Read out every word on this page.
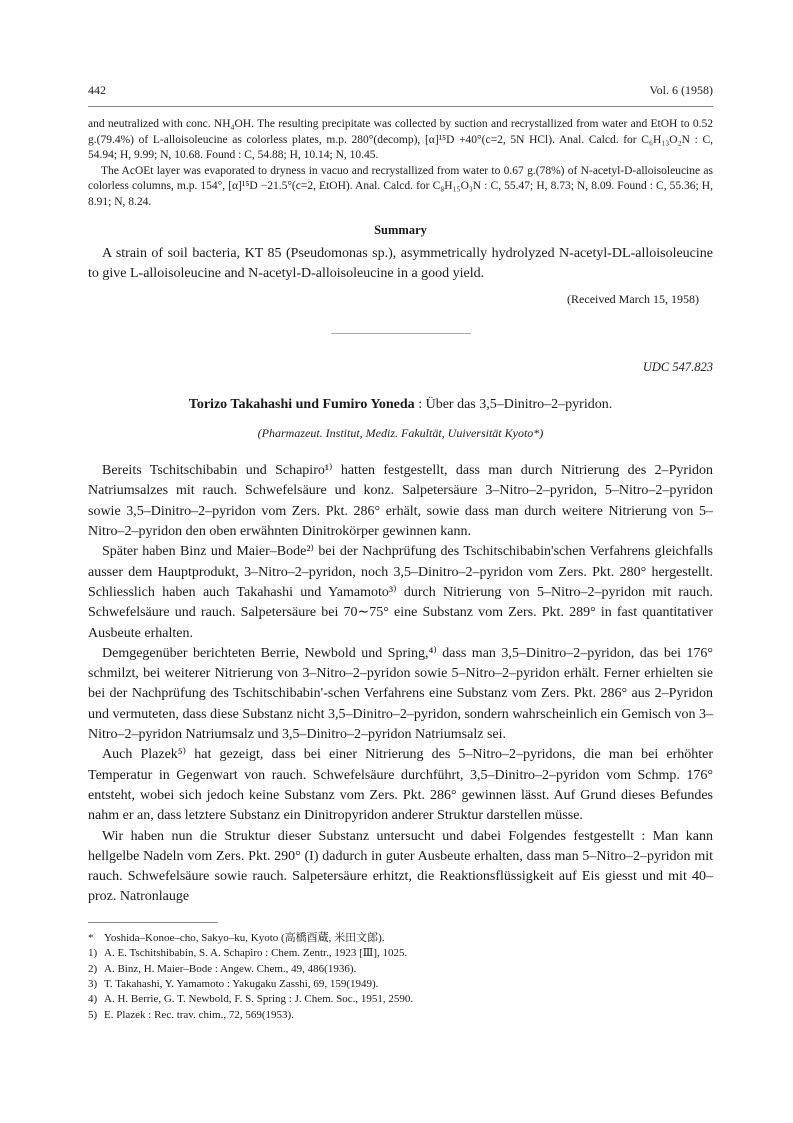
442	Vol. 6 (1958)

and neutralized with conc. NH₄OH. The resulting precipitate was collected by suction and recrystallized from water and EtOH to 0.52 g.(79.4%) of L-alloisoleucine as colorless plates, m.p. 280°(decomp), [α]¹⁵D +40°(c=2, 5N HCl). Anal. Calcd. for C₆H₁₃O₂N : C, 54.94; H, 9.99; N, 10.68. Found : C, 54.88; H, 10.14; N, 10.45.

The AcOEt layer was evaporated to dryness in vacuo and recrystallized from water to 0.67 g.(78%) of N-acetyl-D-alloisoleucine as colorless columns, m.p. 154°, [α]¹⁵D −21.5°(c=2, EtOH). Anal. Calcd. for C₈H₁₅O₃N : C, 55.47; H, 8.73; N, 8.09. Found : C, 55.36; H, 8.91; N, 8.24.

Summary

A strain of soil bacteria, KT 85 (Pseudomonas sp.), asymmetrically hydrolyzed N-acetyl-DL-alloisoleucine to give L-alloisoleucine and N-acetyl-D-alloisoleucine in a good yield.

(Received March 15, 1958)
UDC 547.823
Torizo Takahashi und Fumiro Yoneda : Über das 3,5–Dinitro–2–pyridon.
(Pharmazeut. Institut, Mediz. Fakultät, Uuiversität Kyoto*)

Bereits Tschitschibabin und Schapiro¹⁾ hatten festgestellt, dass man durch Nitrierung des 2–Pyridon Natriumsalzes mit rauch. Schwefelsäure und konz. Salpetersäure 3–Nitro–2–pyridon, 5–Nitro–2–pyridon sowie 3,5–Dinitro–2–pyridon vom Zers. Pkt. 286° erhält, sowie dass man durch weitere Nitrierung von 5–Nitro–2–pyridon den oben erwähnten Dinitrokörper gewinnen kann.

Später haben Binz und Maier–Bode²⁾ bei der Nachprüfung des Tschitschibabin'schen Verfahrens gleichfalls ausser dem Hauptprodukt, 3–Nitro–2–pyridon, noch 3,5–Dinitro–2–pyridon vom Zers. Pkt. 280° hergestellt. Schliesslich haben auch Takahashi und Yamamoto³⁾ durch Nitrierung von 5–Nitro–2–pyridon mit rauch. Schwefelsäure und rauch. Salpetersäure bei 70∼75° eine Substanz vom Zers. Pkt. 289° in fast quantitativer Ausbeute erhalten.

Demgegenüber berichteten Berrie, Newbold und Spring,⁴⁾ dass man 3,5–Dinitro–2–pyridon, das bei 176° schmilzt, bei weiterer Nitrierung von 3–Nitro–2–pyridon sowie 5–Nitro–2–pyridon erhält. Ferner erhielten sie bei der Nachprüfung des Tschitschibabin'-schen Verfahrens eine Substanz vom Zers. Pkt. 286° aus 2–Pyridon und vermuteten, dass diese Substanz nicht 3,5–Dinitro–2–pyridon, sondern wahrscheinlich ein Gemisch von 3–Nitro–2–pyridon Natriumsalz und 3,5–Dinitro–2–pyridon Natriumsalz sei.

Auch Plazek⁵⁾ hat gezeigt, dass bei einer Nitrierung des 5–Nitro–2–pyridons, die man bei erhöhter Temperatur in Gegenwart von rauch. Schwefelsäure durchführt, 3,5–Dinitro–2–pyridon vom Schmp. 176° entsteht, wobei sich jedoch keine Substanz vom Zers. Pkt. 286° gewinnen lässt. Auf Grund dieses Befundes nahm er an, dass letztere Substanz ein Dinitropyridon anderer Struktur darstellen müsse.

Wir haben nun die Struktur dieser Substanz untersucht und dabei Folgendes festgestellt : Man kann hellgelbe Nadeln vom Zers. Pkt. 290° (I) dadurch in guter Ausbeute erhalten, dass man 5–Nitro–2–pyridon mit rauch. Schwefelsäure sowie rauch. Salpetersäure erhitzt, die Reaktionsflüssigkeit auf Eis giesst und mit 40–proz. Natronlauge

* Yoshida–Konoe–cho, Sakyo–ku, Kyoto (高橋酉蔵, 米田文郎).
1) A. E. Tschitshibabin, S. A. Schapiro : Chem. Zentr., 1923 [Ⅲ], 1025.
2) A. Binz, H. Maier–Bode : Angew. Chem., 49, 486(1936).
3) T. Takahashi, Y. Yamamoto : Yakugaku Zasshi, 69, 159(1949).
4) A. H. Berrie, G. T. Newbold, F. S. Spring : J. Chem. Soc., 1951, 2590.
5) E. Plazek : Rec. trav. chim., 72, 569(1953).
